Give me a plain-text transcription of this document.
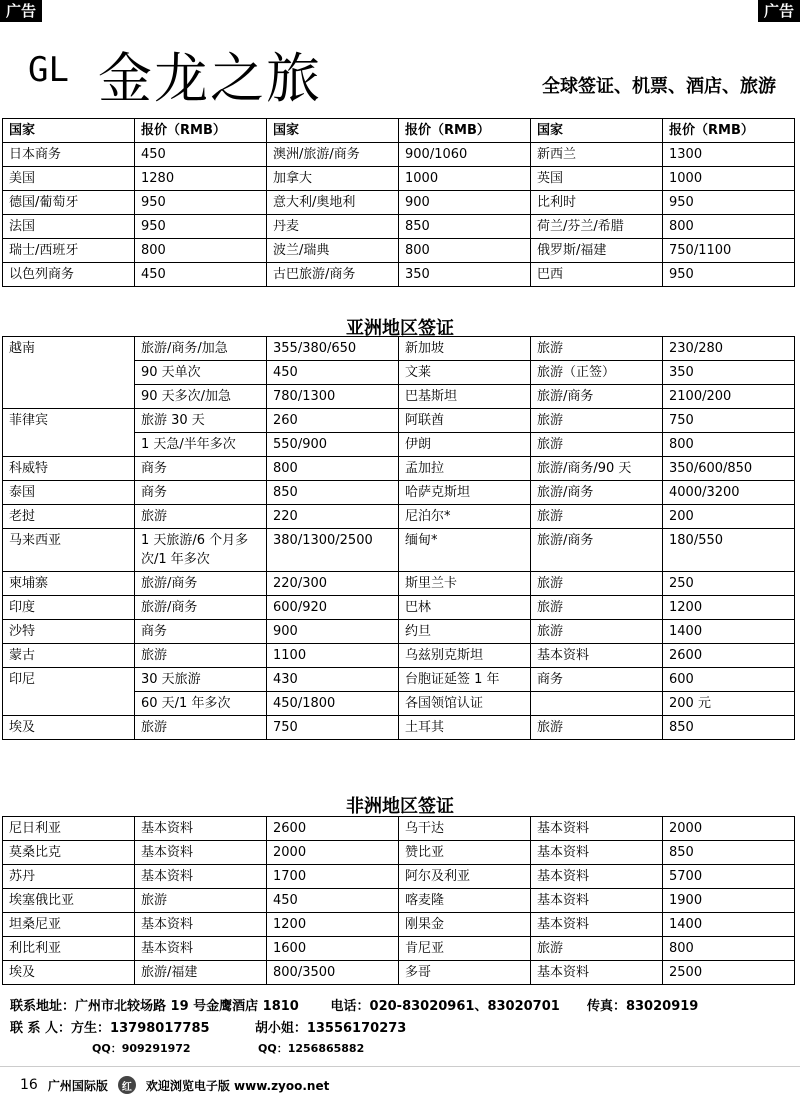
广告	广告
GL 金龙之旅	全球签证、机票、酒店、旅游
国家	报价（RMB）	国家	报价（RMB）	国家	报价（RMB）
日本商务	450	澳洲/旅游/商务	900/1060	新西兰	1300
美国	1280	加拿大	1000	英国	1000
德国/葡萄牙	950	意大利/奥地利	900	比利时	950
法国	950	丹麦	850	荷兰/芬兰/希腊	800
瑞士/西班牙	800	波兰/瑞典	800	俄罗斯/福建	750/1100
以色列商务	450	古巴旅游/商务	350	巴西	950
亚洲地区签证
越南	旅游/商务/加急	355/380/650	新加坡	旅游	230/280
	90 天单次	450	文莱	旅游（正签）	350
	90 天多次/加急	780/1300	巴基斯坦	旅游/商务	2100/200
菲律宾	旅游 30 天	260	阿联酋	旅游	750
	1 天急/半年多次	550/900	伊朗	旅游	800
科威特	商务	800	孟加拉	旅游/商务/90 天	350/600/850
泰国	商务	850	哈萨克斯坦	旅游/商务	4000/3200
老挝	旅游	220	尼泊尔*	旅游	200
马来西亚	1 天旅游/6 个月多次/1 年多次	380/1300/2500	缅甸*	旅游/商务	180/550
柬埔寨	旅游/商务	220/300	斯里兰卡	旅游	250
印度	旅游/商务	600/920	巴林	旅游	1200
沙特	商务	900	约旦	旅游	1400
蒙古	旅游	1100	乌兹别克斯坦	基本资料	2600
印尼	30 天旅游	430	台胞证延签 1 年	商务	600
	60 天/1 年多次	450/1800	各国领馆认证		200 元
埃及	旅游	750	土耳其	旅游	850
非洲地区签证
尼日利亚	基本资料	2600	乌干达	基本资料	2000
莫桑比克	基本资料	2000	赞比亚	基本资料	850
苏丹	基本资料	1700	阿尔及利亚	基本资料	5700
埃塞俄比亚	旅游	450	喀麦隆	基本资料	1900
坦桑尼亚	基本资料	1200	刚果金	基本资料	1400
利比利亚	基本资料	1600	肯尼亚	旅游	800
埃及	旅游/福建	800/3500	多哥	基本资料	2500
联系地址：广州市北较场路 19 号金鹰酒店 1810 电话：020-83020961、83020701 传真：83020919
联 系 人：方生：13798017785	胡小姐：13556170273
QQ：909291972	QQ：1256865882
16 广州国际版	红	欢迎浏览电子版 www.zyoo.net
